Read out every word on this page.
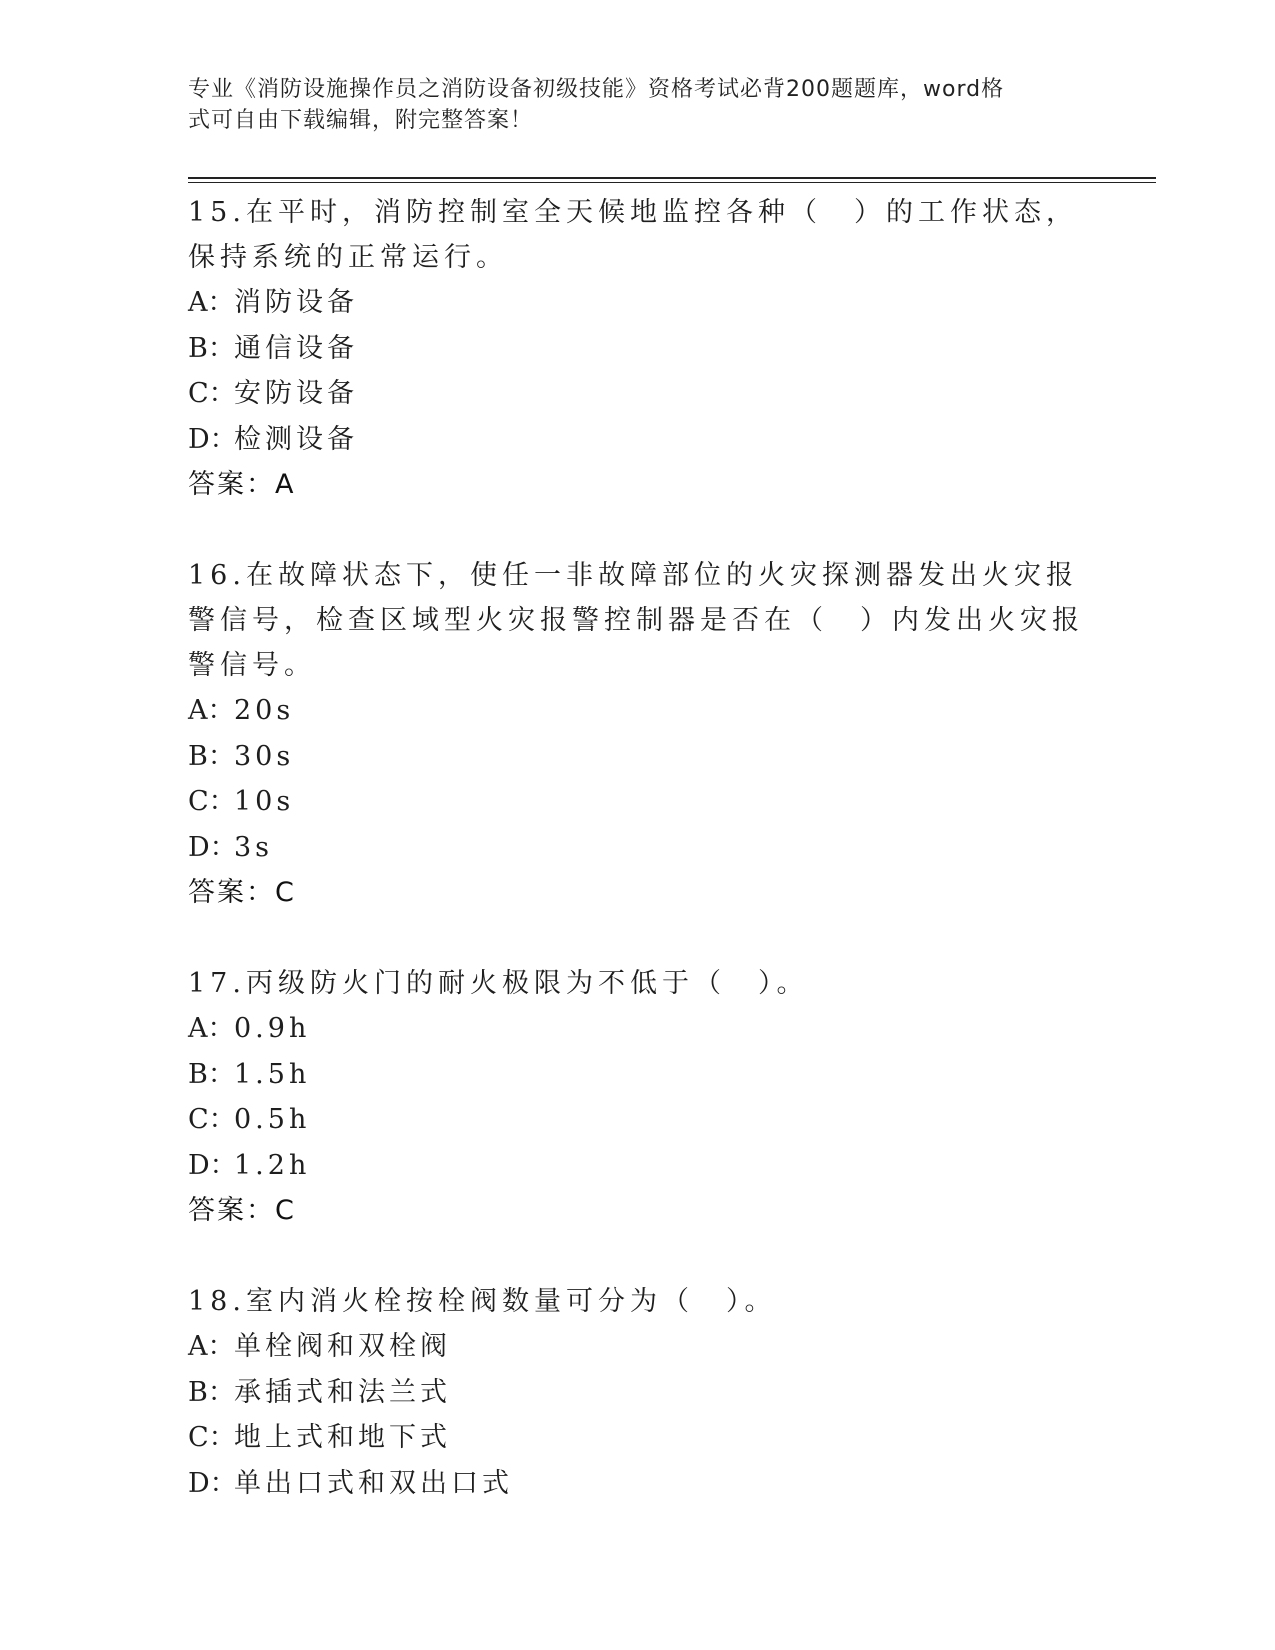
专业《消防设施操作员之消防设备初级技能》资格考试必背200题题库，word格
式可自由下载编辑，附完整答案！

15.在平时，消防控制室全天候地监控各种（　）的工作状态，保持系统的正常运行。

A：消防设备
B：通信设备
C：安防设备
D：检测设备
答案：A

16.在故障状态下，使任一非故障部位的火灾探测器发出火灾报警信号，检查区域型火灾报警控制器是否在（　）内发出火灾报警信号。

A：20s
B：30s
C：10s
D：3s
答案：C

17.丙级防火门的耐火极限为不低于（　）。

A：0.9h
B：1.5h
C：0.5h
D：1.2h
答案：C

18.室内消火栓按栓阀数量可分为（　）。

A：单栓阀和双栓阀
B：承插式和法兰式
C：地上式和地下式
D：单出口式和双出口式
